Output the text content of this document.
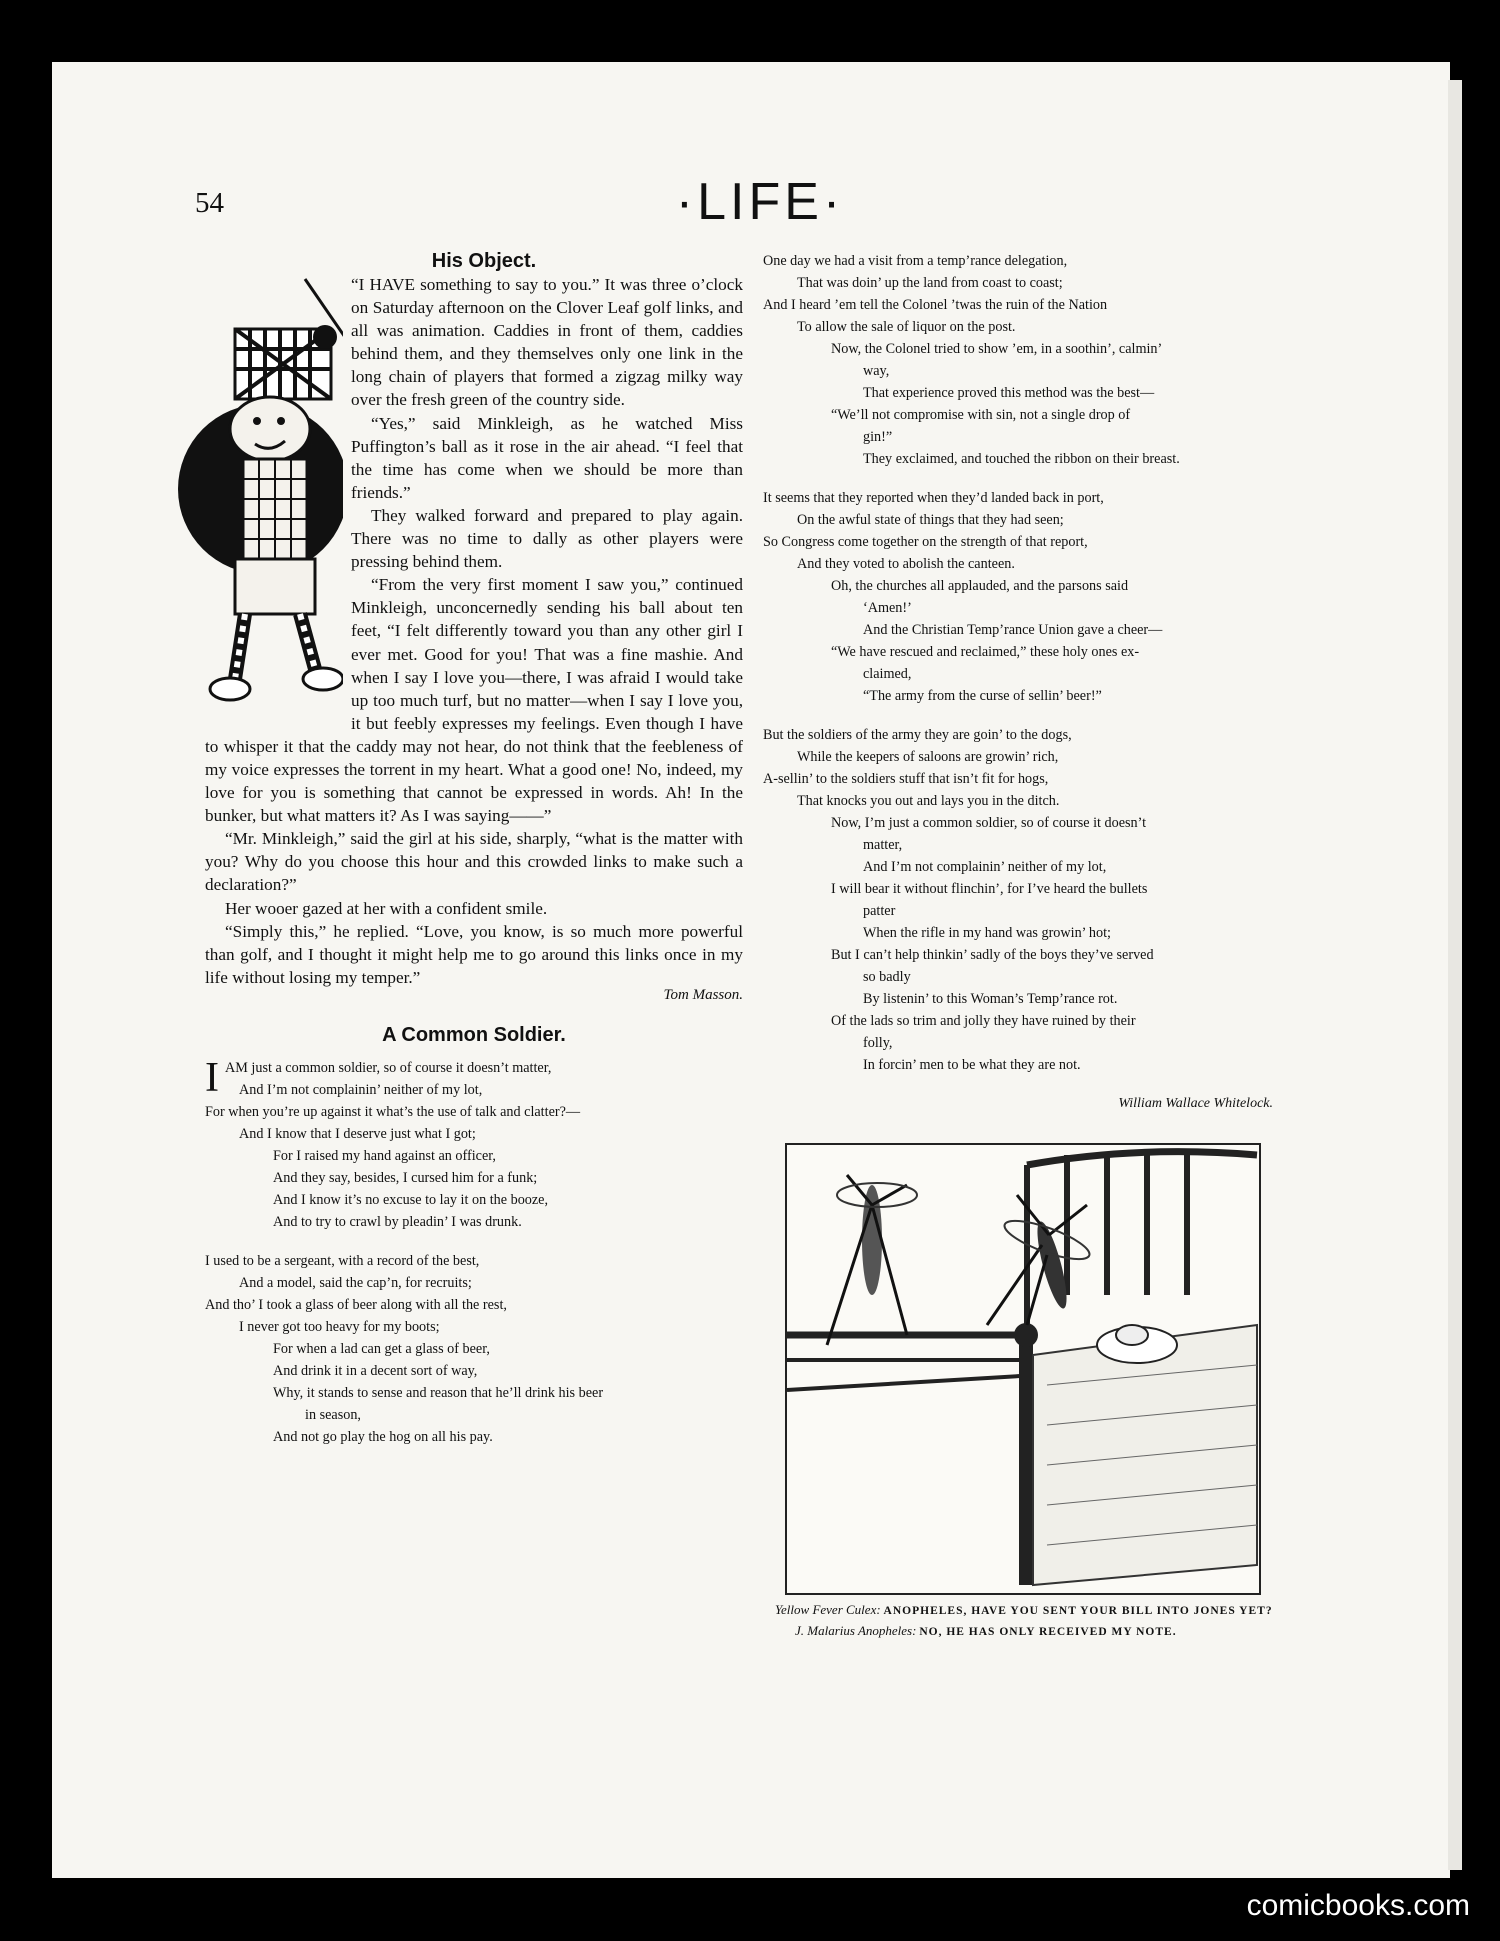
54	·LIFE·
His Object.

“I HAVE something to say to you.” It was three o’clock on Saturday afternoon on the Clover Leaf golf links, and all was animation. Caddies in front of them, caddies behind them, and they themselves only one link in the long chain of players that formed a zigzag milky way over the fresh green of the country side.

“Yes,” said Minkleigh, as he watched Miss Puffington’s ball as it rose in the air ahead. “I feel that the time has come when we should be more than friends.”

They walked forward and prepared to play again. There was no time to dally as other players were pressing behind them.

“From the very first moment I saw you,” continued Minkleigh, unconcernedly sending his ball about ten feet, “I felt differently toward you than any other girl I ever met. Good for you! That was a fine mashie. And when I say I love you—there, I was afraid I would take up too much turf, but no matter—when I say I love you, it but feebly expresses my feelings. Even though I have to whisper it that the caddy may not hear, do not think that the feebleness of my voice expresses the torrent in my heart. What a good one! No, indeed, my love for you is something that cannot be expressed in words. Ah! In the bunker, but what matters it? As I was saying——”

“Mr. Minkleigh,” said the girl at his side, sharply, “what is the matter with you? Why do you choose this hour and this crowded links to make such a declaration?”

Her wooer gazed at her with a confident smile.

“Simply this,” he replied. “Love, you know, is so much more powerful than golf, and I thought it might help me to go around this links once in my life without losing my temper.”

Tom Masson.
A Common Soldier.
I AM just a common soldier, so of course it doesn’t matter,
And I’m not complainin’ neither of my lot,
For when you’re up against it what’s the use of talk and clatter?—
And I know that I deserve just what I got;
For I raised my hand against an officer,
And they say, besides, I cursed him for a funk;
And I know it’s no excuse to lay it on the booze,
And to try to crawl by pleadin’ I was drunk.
I used to be a sergeant, with a record of the best,
And a model, said the cap’n, for recruits;
And tho’ I took a glass of beer along with all the rest,
I never got too heavy for my boots;
For when a lad can get a glass of beer,
And drink it in a decent sort of way,
Why, it stands to sense and reason that he’ll drink his beer
in season,
And not go play the hog on all his pay.
One day we had a visit from a temp’rance delegation,
That was doin’ up the land from coast to coast;
And I heard ’em tell the Colonel ’twas the ruin of the Nation
To allow the sale of liquor on the post.
Now, the Colonel tried to show ’em, in a soothin’, calmin’
way,
That experience proved this method was the best—
“We’ll not compromise with sin, not a single drop of
gin!”
They exclaimed, and touched the ribbon on their breast.
It seems that they reported when they’d landed back in port,
On the awful state of things that they had seen;
So Congress come together on the strength of that report,
And they voted to abolish the canteen.
Oh, the churches all applauded, and the parsons said
‘Amen!’
And the Christian Temp’rance Union gave a cheer—
“We have rescued and reclaimed,” these holy ones ex-
claimed,
“The army from the curse of sellin’ beer!”
But the soldiers of the army they are goin’ to the dogs,
While the keepers of saloons are growin’ rich,
A-sellin’ to the soldiers stuff that isn’t fit for hogs,
That knocks you out and lays you in the ditch.
Now, I’m just a common soldier, so of course it doesn’t
matter,
And I’m not complainin’ neither of my lot,
I will bear it without flinchin’, for I’ve heard the bullets
patter
When the rifle in my hand was growin’ hot;
But I can’t help thinkin’ sadly of the boys they’ve served
so badly
By listenin’ to this Woman’s Temp’rance rot.
Of the lads so trim and jolly they have ruined by their
folly,
In forcin’ men to be what they are not.
William Wallace Whitelock.
Yellow Fever Culex: ANOPHELES, HAVE YOU SENT YOUR BILL INTO JONES YET?
J. Malarius Anopheles: NO, HE HAS ONLY RECEIVED MY NOTE.
comicbooks.com
